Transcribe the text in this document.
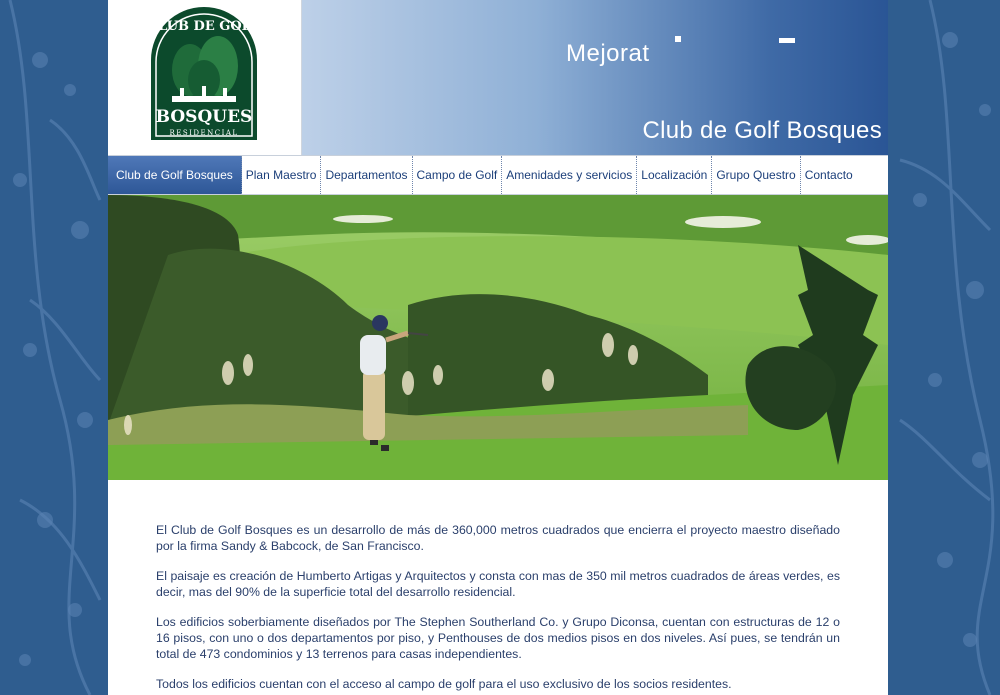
CLUB DE GOLF
BOSQUES
RESIDENCIAL
Mejorat
Club de Golf Bosques
Club de Golf Bosques	Plan Maestro Departamentos Campo de Golf Amenidades y servicios Localización Grupo Questro Contacto

El Club de Golf Bosques es un desarrollo de más de 360,000 metros cuadrados que encierra el proyecto maestro diseñado por la firma Sandy & Babcock, de San Francisco.

El paisaje es creación de Humberto Artigas y Arquitectos y consta con mas de 350 mil metros cuadrados de áreas verdes, es decir, mas del 90% de la superficie total del desarrollo residencial.

Los edificios soberbiamente diseñados por The Stephen Southerland Co. y Grupo Diconsa, cuentan con estructuras de 12 o 16 pisos, con uno o dos departamentos por piso, y Penthouses de dos medios pisos en dos niveles. Así pues, se tendrán un total de 473 condominios y 13 terrenos para casas independientes.

Todos los edificios cuentan con el acceso al campo de golf para el uso exclusivo de los socios residentes.
